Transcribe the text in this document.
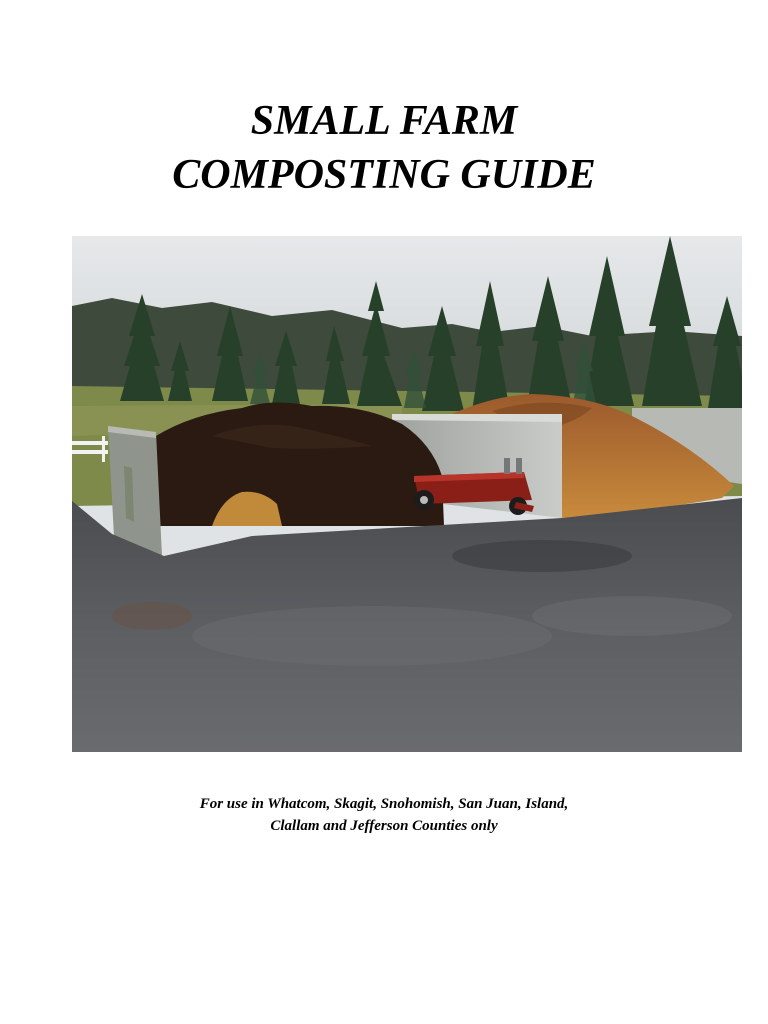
SMALL FARM
COMPOSTING GUIDE
For use in Whatcom, Skagit, Snohomish, San Juan, Island,
Clallam and Jefferson Counties only
